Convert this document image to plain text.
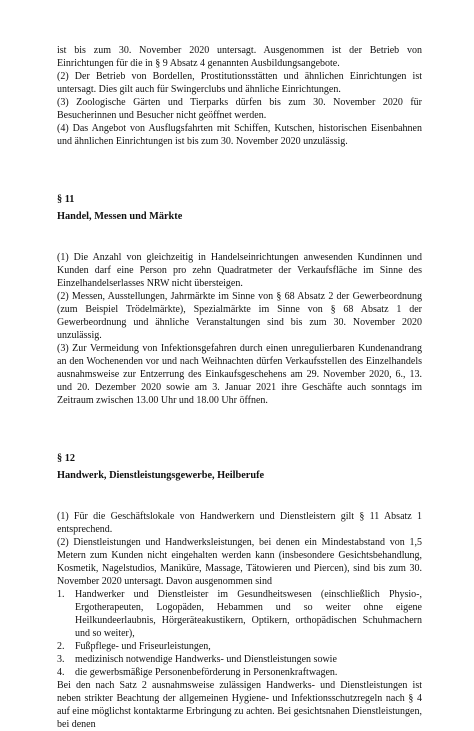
ist bis zum 30. November 2020 untersagt. Ausgenommen ist der Betrieb von Einrichtungen für die in § 9 Absatz 4 genannten Ausbildungsangebote.

(2) Der Betrieb von Bordellen, Prostitutionsstätten und ähnlichen Einrichtungen ist untersagt. Dies gilt auch für Swingerclubs und ähnliche Einrichtungen.

(3) Zoologische Gärten und Tierparks dürfen bis zum 30. November 2020 für Besucherinnen und Besucher nicht geöffnet werden.

(4) Das Angebot von Ausflugsfahrten mit Schiffen, Kutschen, historischen Eisenbahnen und ähnlichen Einrichtungen ist bis zum 30. November 2020 unzulässig.

§ 11

Handel, Messen und Märkte

(1) Die Anzahl von gleichzeitig in Handelseinrichtungen anwesenden Kundinnen und Kunden darf eine Person pro zehn Quadratmeter der Verkaufsfläche im Sinne des Einzelhandelserlasses NRW nicht übersteigen.

(2) Messen, Ausstellungen, Jahrmärkte im Sinne von § 68 Absatz 2 der Gewerbeordnung (zum Beispiel Trödelmärkte), Spezialmärkte im Sinne von § 68 Absatz 1 der Gewerbeordnung und ähnliche Veranstaltungen sind bis zum 30. November 2020 unzulässig.

(3) Zur Vermeidung von Infektionsgefahren durch einen unregulierbaren Kundenandrang an den Wochenenden vor und nach Weihnachten dürfen Verkaufsstellen des Einzelhandels ausnahmsweise zur Entzerrung des Einkaufsgeschehens am 29. November 2020, 6., 13. und 20. Dezember 2020 sowie am 3. Januar 2021 ihre Geschäfte auch sonntags im Zeitraum zwischen 13.00 Uhr und 18.00 Uhr öffnen.

§ 12

Handwerk, Dienstleistungsgewerbe, Heilberufe

(1) Für die Geschäftslokale von Handwerkern und Dienstleistern gilt § 11 Absatz 1 entsprechend.

(2) Dienstleistungen und Handwerksleistungen, bei denen ein Mindestabstand von 1,5 Metern zum Kunden nicht eingehalten werden kann (insbesondere Gesichtsbehandlung, Kosmetik, Nagelstudios, Maniküre, Massage, Tätowieren und Piercen), sind bis zum 30. November 2020 untersagt. Davon ausgenommen sind

1. Handwerker und Dienstleister im Gesundheitswesen (einschließlich Physio-, Ergotherapeuten, Logopäden, Hebammen und so weiter ohne eigene Heilkundeerlaubnis, Hörgeräteakustikern, Optikern, orthopädischen Schuhmachern und so weiter),
2. Fußpflege- und Friseurleistungen,
3. medizinisch notwendige Handwerks- und Dienstleistungen sowie
4. die gewerbsmäßige Personenbeförderung in Personenkraftwagen.

Bei den nach Satz 2 ausnahmsweise zulässigen Handwerks- und Dienstleistungen ist neben strikter Beachtung der allgemeinen Hygiene- und Infektionsschutzregeln nach § 4 auf eine möglichst kontaktarme Erbringung zu achten. Bei gesichtsnahen Dienstleistungen, bei denen
